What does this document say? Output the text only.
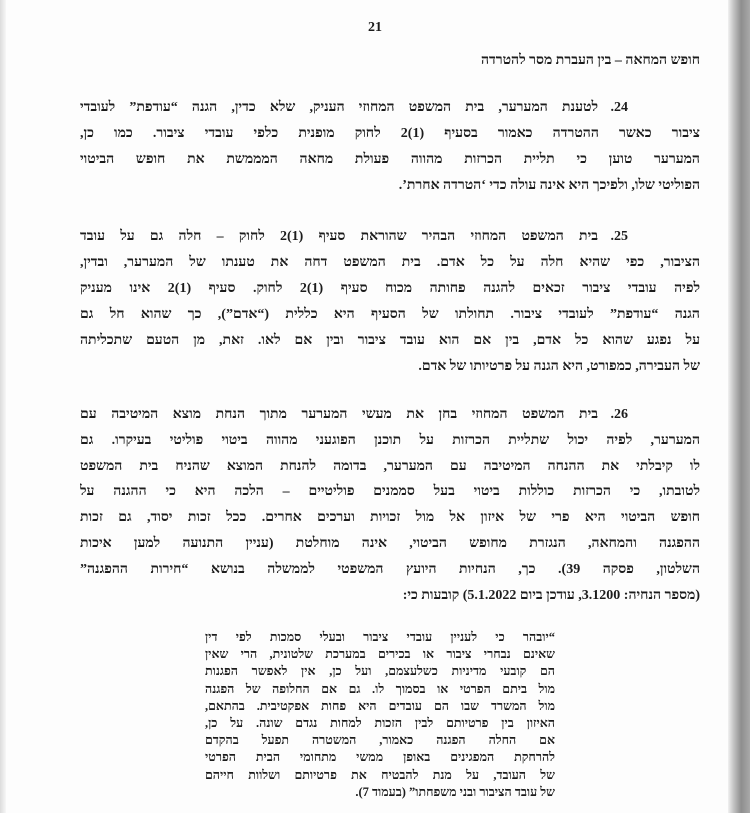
21
חופש המחאה – בין העברת מסר להטרדה
24.
לטענת המערער, בית המשפט המחוזי העניק, שלא כדין, הגנה “עודפת” לעובדי
ציבור כאשר ההטרדה כאמור בסעיף ⁦2(1)⁩ לחוק מופנית כלפי עובדי ציבור. כמו כן,
המערער טוען כי תליית הכרזות מהווה פעולת מחאה המממשת את חופש הביטוי
הפוליטי שלו, ולפיכך היא אינה עולה כדי ‘הטרדה אחרת’.
25.
בית המשפט המחוזי הבהיר שהוראת סעיף ⁦2(1)⁩ לחוק – חלה גם על עובד
הציבור, כפי שהיא חלה על כל אדם. בית המשפט דחה את טענתו של המערער, ובדין,
לפיה עובדי ציבור זכאים להגנה פחותה מכוח סעיף ⁦2(1)⁩ לחוק. סעיף ⁦2(1)⁩ אינו מעניק
הגנה “עודפת” לעובדי ציבור. תחולתו של הסעיף היא כללית (“אדם”), כך שהוא חל גם
על נפגע שהוא כל אדם, בין אם הוא עובד ציבור ובין אם לאו. זאת, מן הטעם שתכליתה
של העבירה, כמפורט, היא הגנה על פרטיותו של אדם.
26.
בית המשפט המחוזי בחן את מעשי המערער מתוך הנחת מוצא המיטיבה עם
המערער, לפיה יכול שתליית הכרזות על תוכנן הפוגעני מהווה ביטוי פוליטי בעיקרו. גם
לו קיבלתי את ההנחה המיטיבה עם המערער, בדומה להנחת המוצא שהניח בית המשפט
לטובתו, כי הכרזות כוללות ביטוי בעל סממנים פוליטיים – הלכה היא כי ההגנה על
חופש הביטוי היא פרי של איזון אל מול זכויות וערכים אחרים. ככל זכות יסוד, גם זכות
ההפגנה והמחאה, הנגזרת מחופש הביטוי, אינה מוחלטת (עניין התנועה למען איכות
השלטון, פסקה 39). כך, הנחיות היועץ המשפטי לממשלה בנושא “חירות ההפגנה”
(מספר הנחיה: 3.1200, עודכן ביום 5.1.2022) קובעות כי:
“יובהר כי לעניין עובדי ציבור ובעלי סמכות לפי דין
שאינם נבחרי ציבור או בכירים במערכת שלטונית, הרי שאין
הם קובעי מדיניות כשלעצמם, ועל כן, אין לאפשר הפגנות
מול ביתם הפרטי או בסמוך לו. גם אם החלופה של הפגנה
מול המשרד שבו הם עובדים היא פחות אפקטיבית. בהתאם,
האיזון בין פרטיותם לבין הזכות למחות נגדם שונה. על כן,
אם החלה הפגנה כאמור, המשטרה תפעל בהקדם
להרחקת המפגינים באופן ממשי מתחומי הבית הפרטי
של העובד, על מנת להבטיח את פרטיותם ושלוות חייהם
של עובד הציבור ובני משפחתו” (בעמוד 7).
